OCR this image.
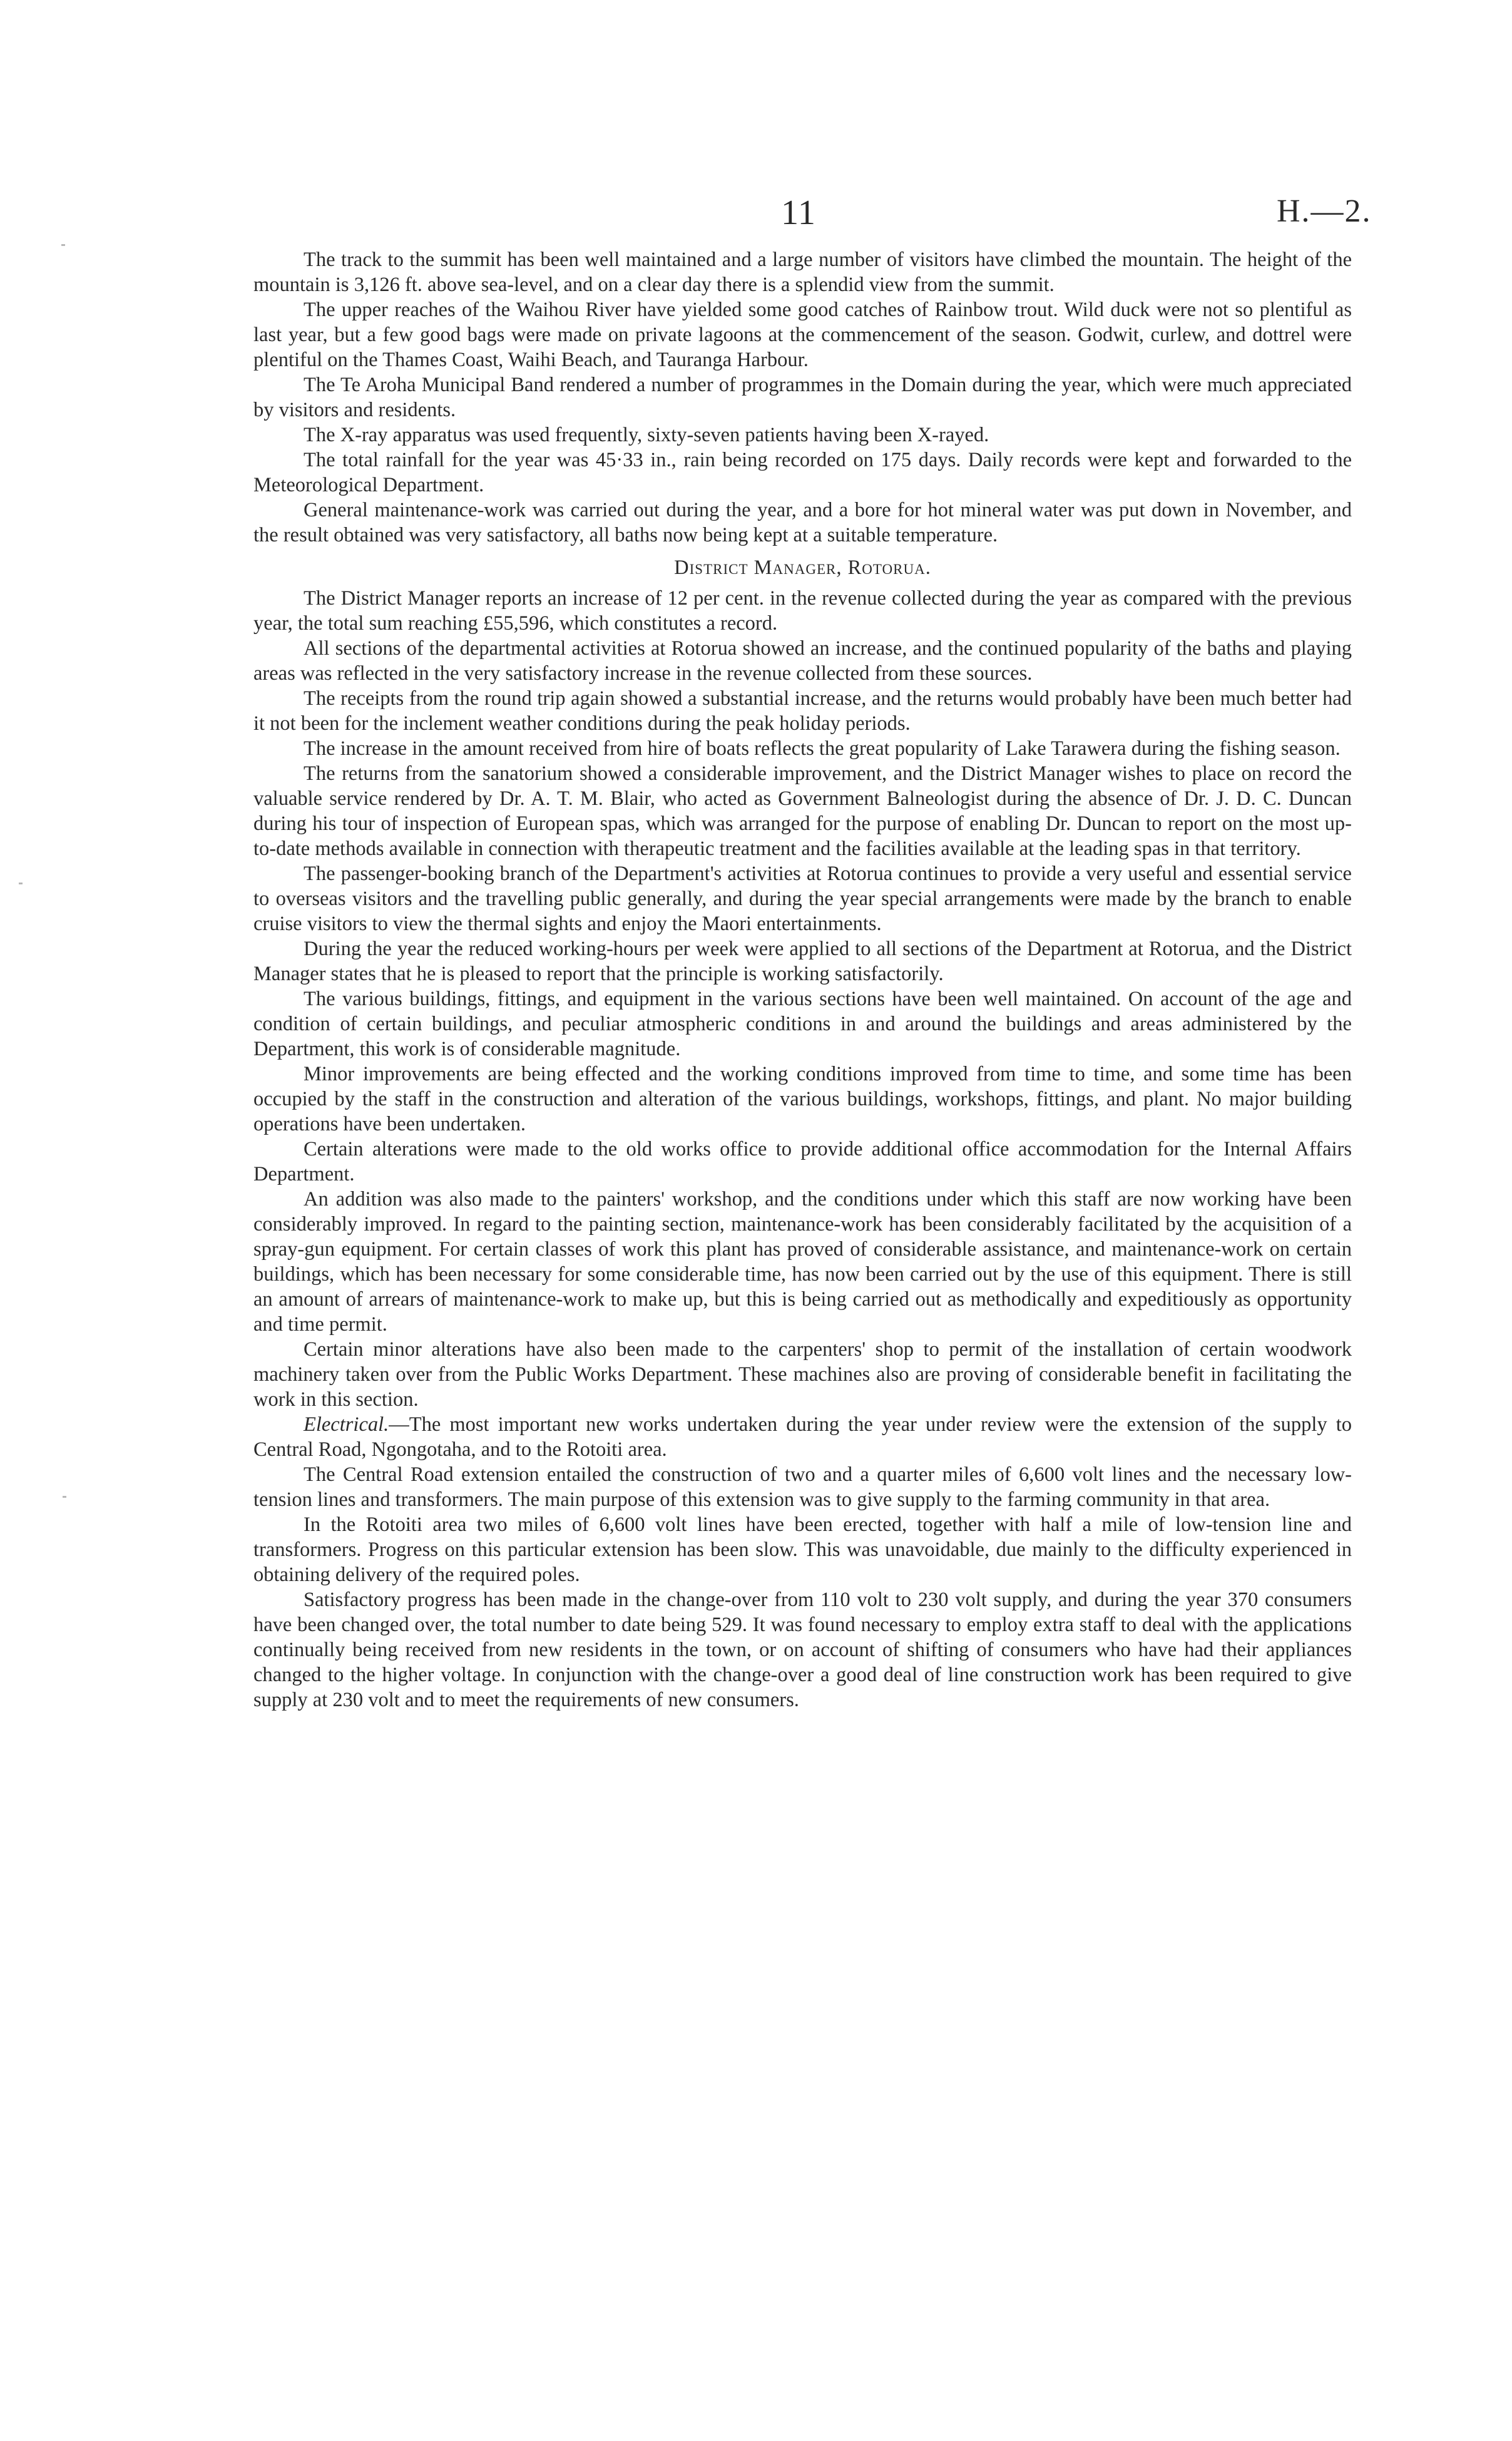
11	H.—2.

The track to the summit has been well maintained and a large number of visitors have climbed the mountain. The height of the mountain is 3,126 ft. above sea-level, and on a clear day there is a splendid view from the summit.

The upper reaches of the Waihou River have yielded some good catches of Rainbow trout. Wild duck were not so plentiful as last year, but a few good bags were made on private lagoons at the commencement of the season. Godwit, curlew, and dottrel were plentiful on the Thames Coast, Waihi Beach, and Tauranga Harbour.

The Te Aroha Municipal Band rendered a number of programmes in the Domain during the year, which were much appreciated by visitors and residents.

The X-ray apparatus was used frequently, sixty-seven patients having been X-rayed.

The total rainfall for the year was 45·33 in., rain being recorded on 175 days. Daily records were kept and forwarded to the Meteorological Department.

General maintenance-work was carried out during the year, and a bore for hot mineral water was put down in November, and the result obtained was very satisfactory, all baths now being kept at a suitable temperature.

District Manager, Rotorua.

The District Manager reports an increase of 12 per cent. in the revenue collected during the year as compared with the previous year, the total sum reaching £55,596, which constitutes a record.

All sections of the departmental activities at Rotorua showed an increase, and the continued popularity of the baths and playing areas was reflected in the very satisfactory increase in the revenue collected from these sources.

The receipts from the round trip again showed a substantial increase, and the returns would probably have been much better had it not been for the inclement weather conditions during the peak holiday periods.

The increase in the amount received from hire of boats reflects the great popularity of Lake Tarawera during the fishing season.

The returns from the sanatorium showed a considerable improvement, and the District Manager wishes to place on record the valuable service rendered by Dr. A. T. M. Blair, who acted as Government Balneologist during the absence of Dr. J. D. C. Duncan during his tour of inspection of European spas, which was arranged for the purpose of enabling Dr. Duncan to report on the most up-to-date methods available in connection with therapeutic treatment and the facilities available at the leading spas in that territory.

The passenger-booking branch of the Department's activities at Rotorua continues to provide a very useful and essential service to overseas visitors and the travelling public generally, and during the year special arrangements were made by the branch to enable cruise visitors to view the thermal sights and enjoy the Maori entertainments.

During the year the reduced working-hours per week were applied to all sections of the Department at Rotorua, and the District Manager states that he is pleased to report that the principle is working satisfactorily.

The various buildings, fittings, and equipment in the various sections have been well maintained. On account of the age and condition of certain buildings, and peculiar atmospheric conditions in and around the buildings and areas administered by the Department, this work is of considerable magnitude.

Minor improvements are being effected and the working conditions improved from time to time, and some time has been occupied by the staff in the construction and alteration of the various buildings, workshops, fittings, and plant. No major building operations have been undertaken.

Certain alterations were made to the old works office to provide additional office accommodation for the Internal Affairs Department.

An addition was also made to the painters' workshop, and the conditions under which this staff are now working have been considerably improved. In regard to the painting section, maintenance-work has been considerably facilitated by the acquisition of a spray-gun equipment. For certain classes of work this plant has proved of considerable assistance, and maintenance-work on certain buildings, which has been necessary for some considerable time, has now been carried out by the use of this equipment. There is still an amount of arrears of maintenance-work to make up, but this is being carried out as methodically and expeditiously as opportunity and time permit.

Certain minor alterations have also been made to the carpenters' shop to permit of the installation of certain woodwork machinery taken over from the Public Works Department. These machines also are proving of considerable benefit in facilitating the work in this section.

Electrical.—The most important new works undertaken during the year under review were the extension of the supply to Central Road, Ngongotaha, and to the Rotoiti area.

The Central Road extension entailed the construction of two and a quarter miles of 6,600 volt lines and the necessary low-tension lines and transformers. The main purpose of this extension was to give supply to the farming community in that area.

In the Rotoiti area two miles of 6,600 volt lines have been erected, together with half a mile of low-tension line and transformers. Progress on this particular extension has been slow. This was unavoidable, due mainly to the difficulty experienced in obtaining delivery of the required poles.

Satisfactory progress has been made in the change-over from 110 volt to 230 volt supply, and during the year 370 consumers have been changed over, the total number to date being 529. It was found necessary to employ extra staff to deal with the applications continually being received from new residents in the town, or on account of shifting of consumers who have had their appliances changed to the higher voltage. In conjunction with the change-over a good deal of line construction work has been required to give supply at 230 volt and to meet the requirements of new consumers.
